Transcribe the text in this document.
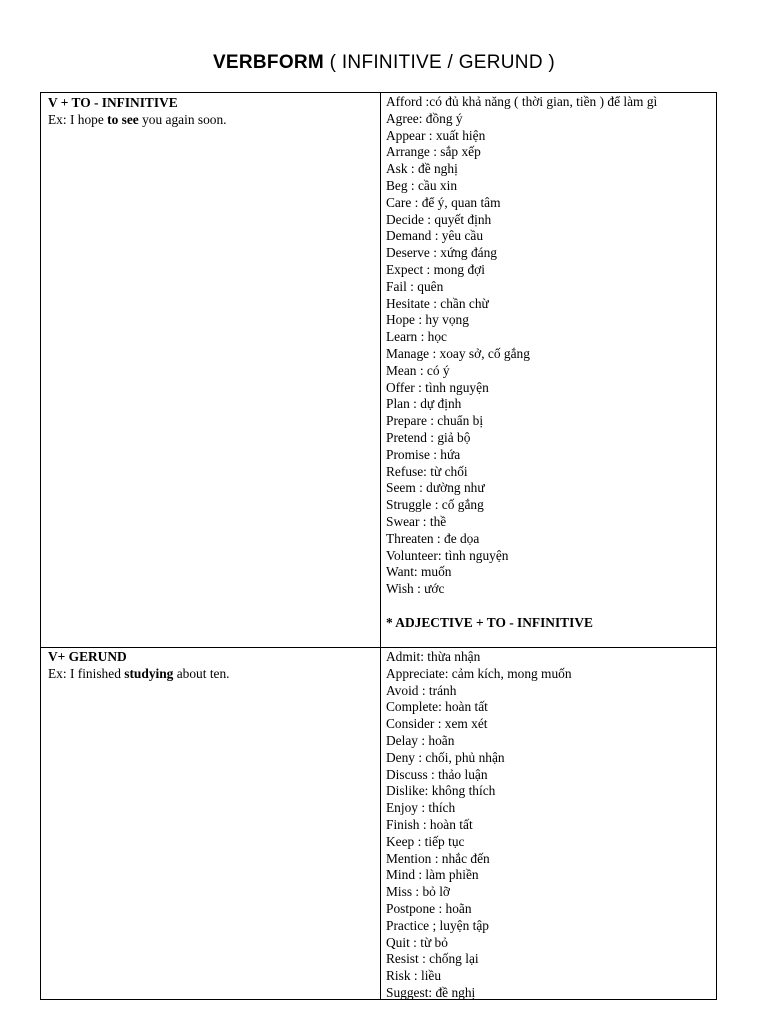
VERBFORM ( INFINITIVE / GERUND )
V + TO - INFINITIVE
Ex: I hope to see you again soon.
Afford :có đủ khả năng ( thời gian, tiền ) để làm gì
Agree: đồng ý
Appear : xuất hiện
Arrange : sắp xếp
Ask : đề nghị
Beg : cầu xin
Care : để ý, quan tâm
Decide : quyết định
Demand : yêu cầu
Deserve : xứng đáng
Expect : mong đợi
Fail : quên
Hesitate : chần chừ
Hope : hy vọng
Learn : học
Manage : xoay sở, cố gắng
Mean : có ý
Offer : tình nguyện
Plan : dự định
Prepare : chuẩn bị
Pretend : giả bộ
Promise : hứa
Refuse: từ chối
Seem : dường như
Struggle : cố gắng
Swear : thề
Threaten : đe dọa
Volunteer: tình nguyện
Want: muốn
Wish : ước
* ADJECTIVE + TO - INFINITIVE
V+ GERUND
Ex: I finished studying about ten.
Admit: thừa nhận
Appreciate: cảm kích, mong muốn
Avoid : tránh
Complete: hoàn tất
Consider : xem xét
Delay : hoãn
Deny : chối, phủ nhận
Discuss : thảo luận
Dislike: không thích
Enjoy : thích
Finish : hoàn tất
Keep : tiếp tục
Mention : nhắc đến
Mind : làm phiền
Miss : bỏ lỡ
Postpone : hoãn
Practice ; luyện tập
Quit : từ bỏ
Resist : chống lại
Risk : liều
Suggest: đề nghị
